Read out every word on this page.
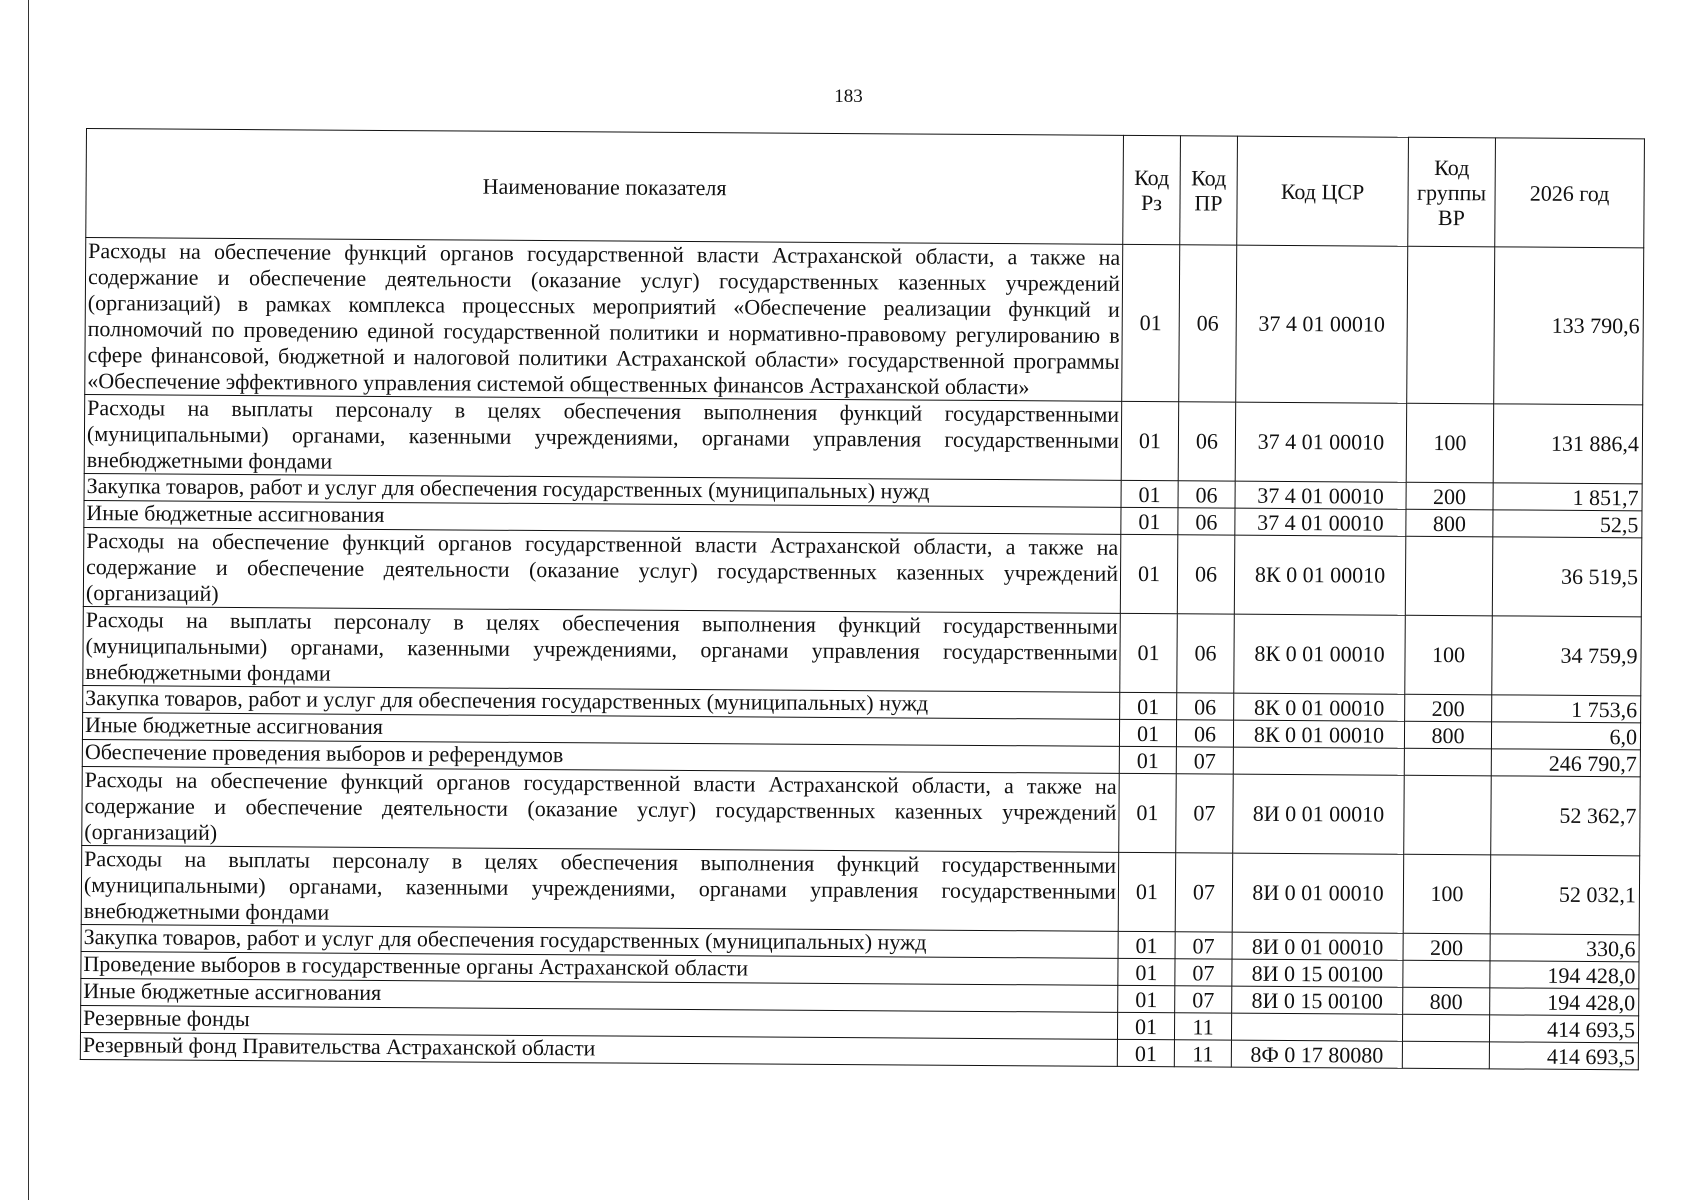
183
Наименование показателя	Код Рз	Код ПР	Код ЦСР	Код группы ВР	2026 год
Расходы на обеспечение функций органов государственной власти Астраханской области, а также на содержание и обеспечение деятельности (оказание услуг) государственных казенных учреждений (организаций) в рамках комплекса процессных мероприятий «Обеспечение реализации функций и полномочий по проведению единой государственной политики и нормативно-правовому регулированию в сфере финансовой, бюджетной и налоговой политики Астраханской области» государственной программы «Обеспечение эффективного управления системой общественных финансов Астраханской области»	01	06	37 4 01 00010		133 790,6
Расходы на выплаты персоналу в целях обеспечения выполнения функций государственными (муниципальными) органами, казенными учреждениями, органами управления государственными внебюджетными фондами	01	06	37 4 01 00010	100	131 886,4
Закупка товаров, работ и услуг для обеспечения государственных (муниципальных) нужд	01	06	37 4 01 00010	200	1 851,7
Иные бюджетные ассигнования	01	06	37 4 01 00010	800	52,5
Расходы на обеспечение функций органов государственной власти Астраханской области, а также на содержание и обеспечение деятельности (оказание услуг) государственных казенных учреждений (организаций)	01	06	8К 0 01 00010		36 519,5
Расходы на выплаты персоналу в целях обеспечения выполнения функций государственными (муниципальными) органами, казенными учреждениями, органами управления государственными внебюджетными фондами	01	06	8К 0 01 00010	100	34 759,9
Закупка товаров, работ и услуг для обеспечения государственных (муниципальных) нужд	01	06	8К 0 01 00010	200	1 753,6
Иные бюджетные ассигнования	01	06	8К 0 01 00010	800	6,0
Обеспечение проведения выборов и референдумов	01	07			246 790,7
Расходы на обеспечение функций органов государственной власти Астраханской области, а также на содержание и обеспечение деятельности (оказание услуг) государственных казенных учреждений (организаций)	01	07	8И 0 01 00010		52 362,7
Расходы на выплаты персоналу в целях обеспечения выполнения функций государственными (муниципальными) органами, казенными учреждениями, органами управления государственными внебюджетными фондами	01	07	8И 0 01 00010	100	52 032,1
Закупка товаров, работ и услуг для обеспечения государственных (муниципальных) нужд	01	07	8И 0 01 00010	200	330,6
Проведение выборов в государственные органы Астраханской области	01	07	8И 0 15 00100		194 428,0
Иные бюджетные ассигнования	01	07	8И 0 15 00100	800	194 428,0
Резервные фонды	01	11			414 693,5
Резервный фонд Правительства Астраханской области	01	11	8Ф 0 17 80080		414 693,5
